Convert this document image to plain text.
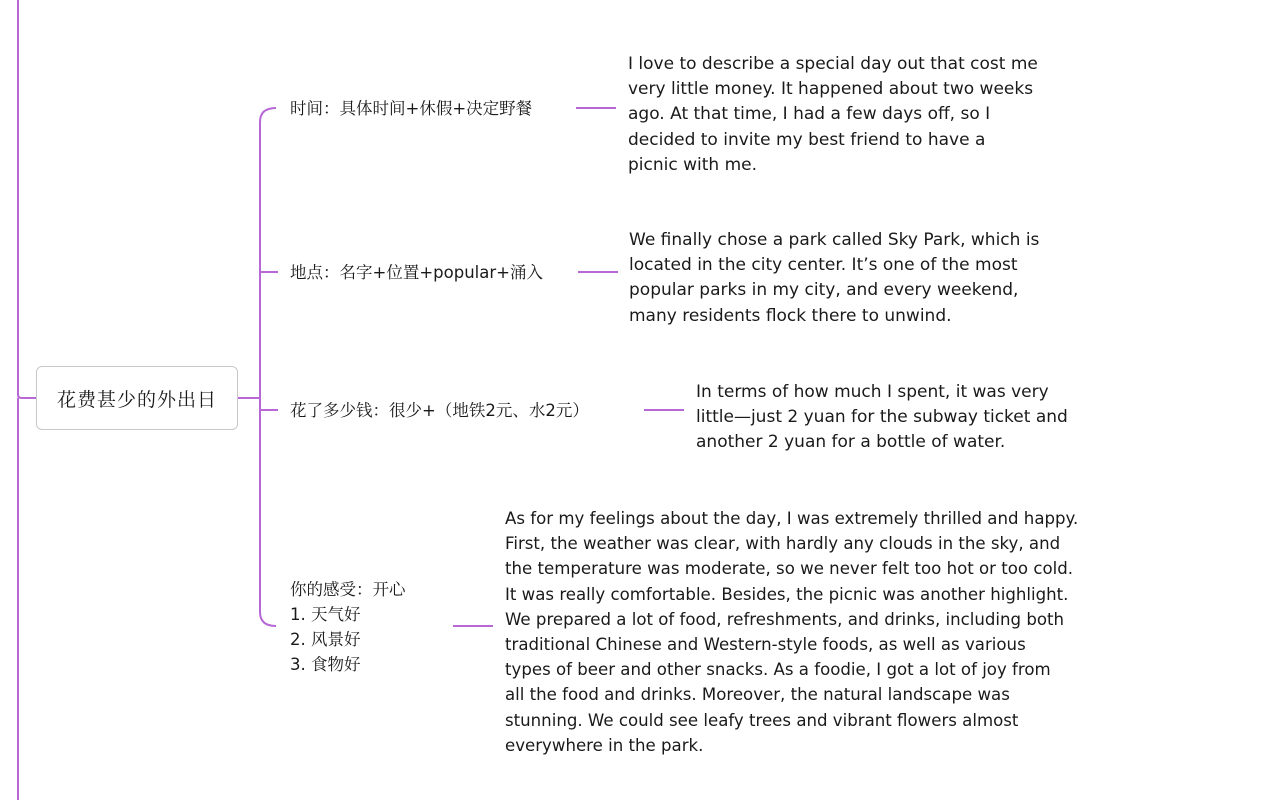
花费甚少的外出日
时间：具体时间+休假+决定野餐
I love to describe a special day out that cost me
very little money. It happened about two weeks
ago. At that time, I had a few days off, so I
decided to invite my best friend to have a
picnic with me.
地点：名字+位置+popular+涌入
We finally chose a park called Sky Park, which is
located in the city center. It’s one of the most
popular parks in my city, and every weekend,
many residents flock there to unwind.
花了多少钱：很少+（地铁2元、水2元）
In terms of how much I spent, it was very
little—just 2 yuan for the subway ticket and
another 2 yuan for a bottle of water.
你的感受：开心
1. 天气好
2. 风景好
3. 食物好
As for my feelings about the day, I was extremely thrilled and happy.
First, the weather was clear, with hardly any clouds in the sky, and
the temperature was moderate, so we never felt too hot or too cold.
It was really comfortable. Besides, the picnic was another highlight.
We prepared a lot of food, refreshments, and drinks, including both
traditional Chinese and Western-style foods, as well as various
types of beer and other snacks. As a foodie, I got a lot of joy from
all the food and drinks. Moreover, the natural landscape was
stunning. We could see leafy trees and vibrant flowers almost
everywhere in the park.
